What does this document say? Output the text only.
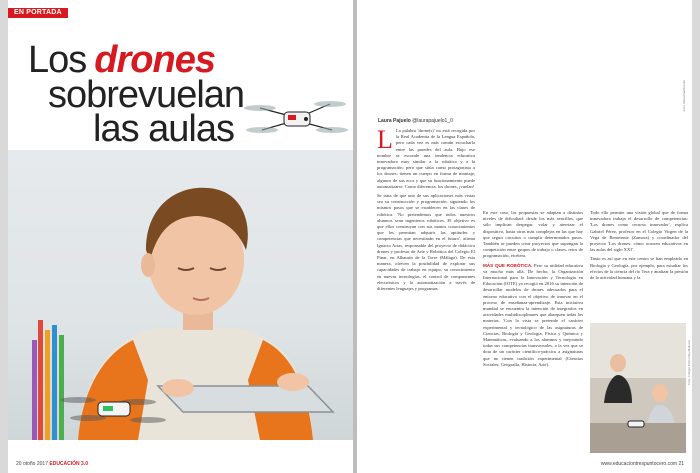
EN PORTADA
Los drones
sobrevuelan
las aulas
20 otoño 2017 EDUCACIÓN 3.0
Foto: Maxcoinal/Fuente
Laura Pajuelo @laurapajuelo1_0
L La palabra 'drone(s)' no está recogida por la Real Academia de la Lengua Española, pero cada vez es más común escucharla entre las paredes del aula. Bajo ese nombre se esconde una tendencia educativa innovadora muy similar a la robótica y a la programación; pero que sitúa como protagonista a los drones: tienen un cuerpo en forma de montaje, algunos de sus ecos y que su funcionamiento puede automatizarse. Como diferencia, los drones, ¡vuelan!

Se trata de que uno de sus aplicaciones más vistas sea su construcción y programación, siguiendo los mismos pasos que se establecen en las clases de robótica. 'No pretendemos que todos nuestros alumnos sean ingenieros robóticos. El objetivo es que ellos construyan con sus manos conocimientos que les permitan adquirir las aptitudes y competencias que necesitarán en el futuro', afirma Ignacio Arias, responsable del proyecto de didáctica drones y profesor de Arte y Robótica del Colegio El Pinar, en Alhaurín de la Torre (Málaga). De esta manera, ofrecen la posibilidad de explorar sus capacidades de trabajo en equipo, su conocimiento en nuevas tecnologías, el control de componentes electrónicos y la automatización a través de diferentes lenguajes y programas.

En este caso, las propuestas se adaptan a distintos niveles de dificultad: desde los más sencillos, que sólo implican despegar, volar y aterrizar el dispositivo, hasta otras más complejas en las que hay que seguir circuitos o cumplir determinados pasos. También se pueden crear proyectos que supongan la competición entre grupos de trabajo o clases, retos de programación, etcétera.

MÁS QUE ROBÓTICA. Pero su utilidad educativa va mucho más allá. De hecho, la Organización Internacional para la Innovación y Tecnología en Educación (IOTE) ya recogió en 2016 su intención de desarrollar modelos de drones adecuados para el entorno educativo con el objetivo de innovar en el proceso de enseñanza-aprendizaje. Esta iniciativa mundial se encuentra la intención de integrarlos en actividades multidisciplinares que abarquen todas las materias. 'Con la vista se pretende el carácter experimental y tecnológico de las asignaturas de Ciencias, Biología y Geología, Física y Química y Matemáticas, evaluando a los alumnos y mejorando todas sus competencias transversales, a la vez que se dota de un carácter científico-práctico a asignaturas que no tienen tradición experimental (Ciencias Sociales: Geografía, Historia, Arte).

Todo ello permite una visión global que de forma innovadora trabaja el desarrollo de competencias: 'Los drones como recurso innovador', explica Gabriel Pérez, profesor en el Colegio Virgen de la Vega de Benavente (Zamora) y coordinador del proyecto 'Los drones: cómo ocurren educativos en las aulas del siglo XXI'.

Tanto es así que en este centro se han empleado en Biología y Geología, por ejemplo, para estudiar los efectos de la ciencia del río Tera y analizar la presión de la actividad humana y la

Foto: Colegio Cristo Rey Mallorca
www.educaciontrespuntocero.com 21
